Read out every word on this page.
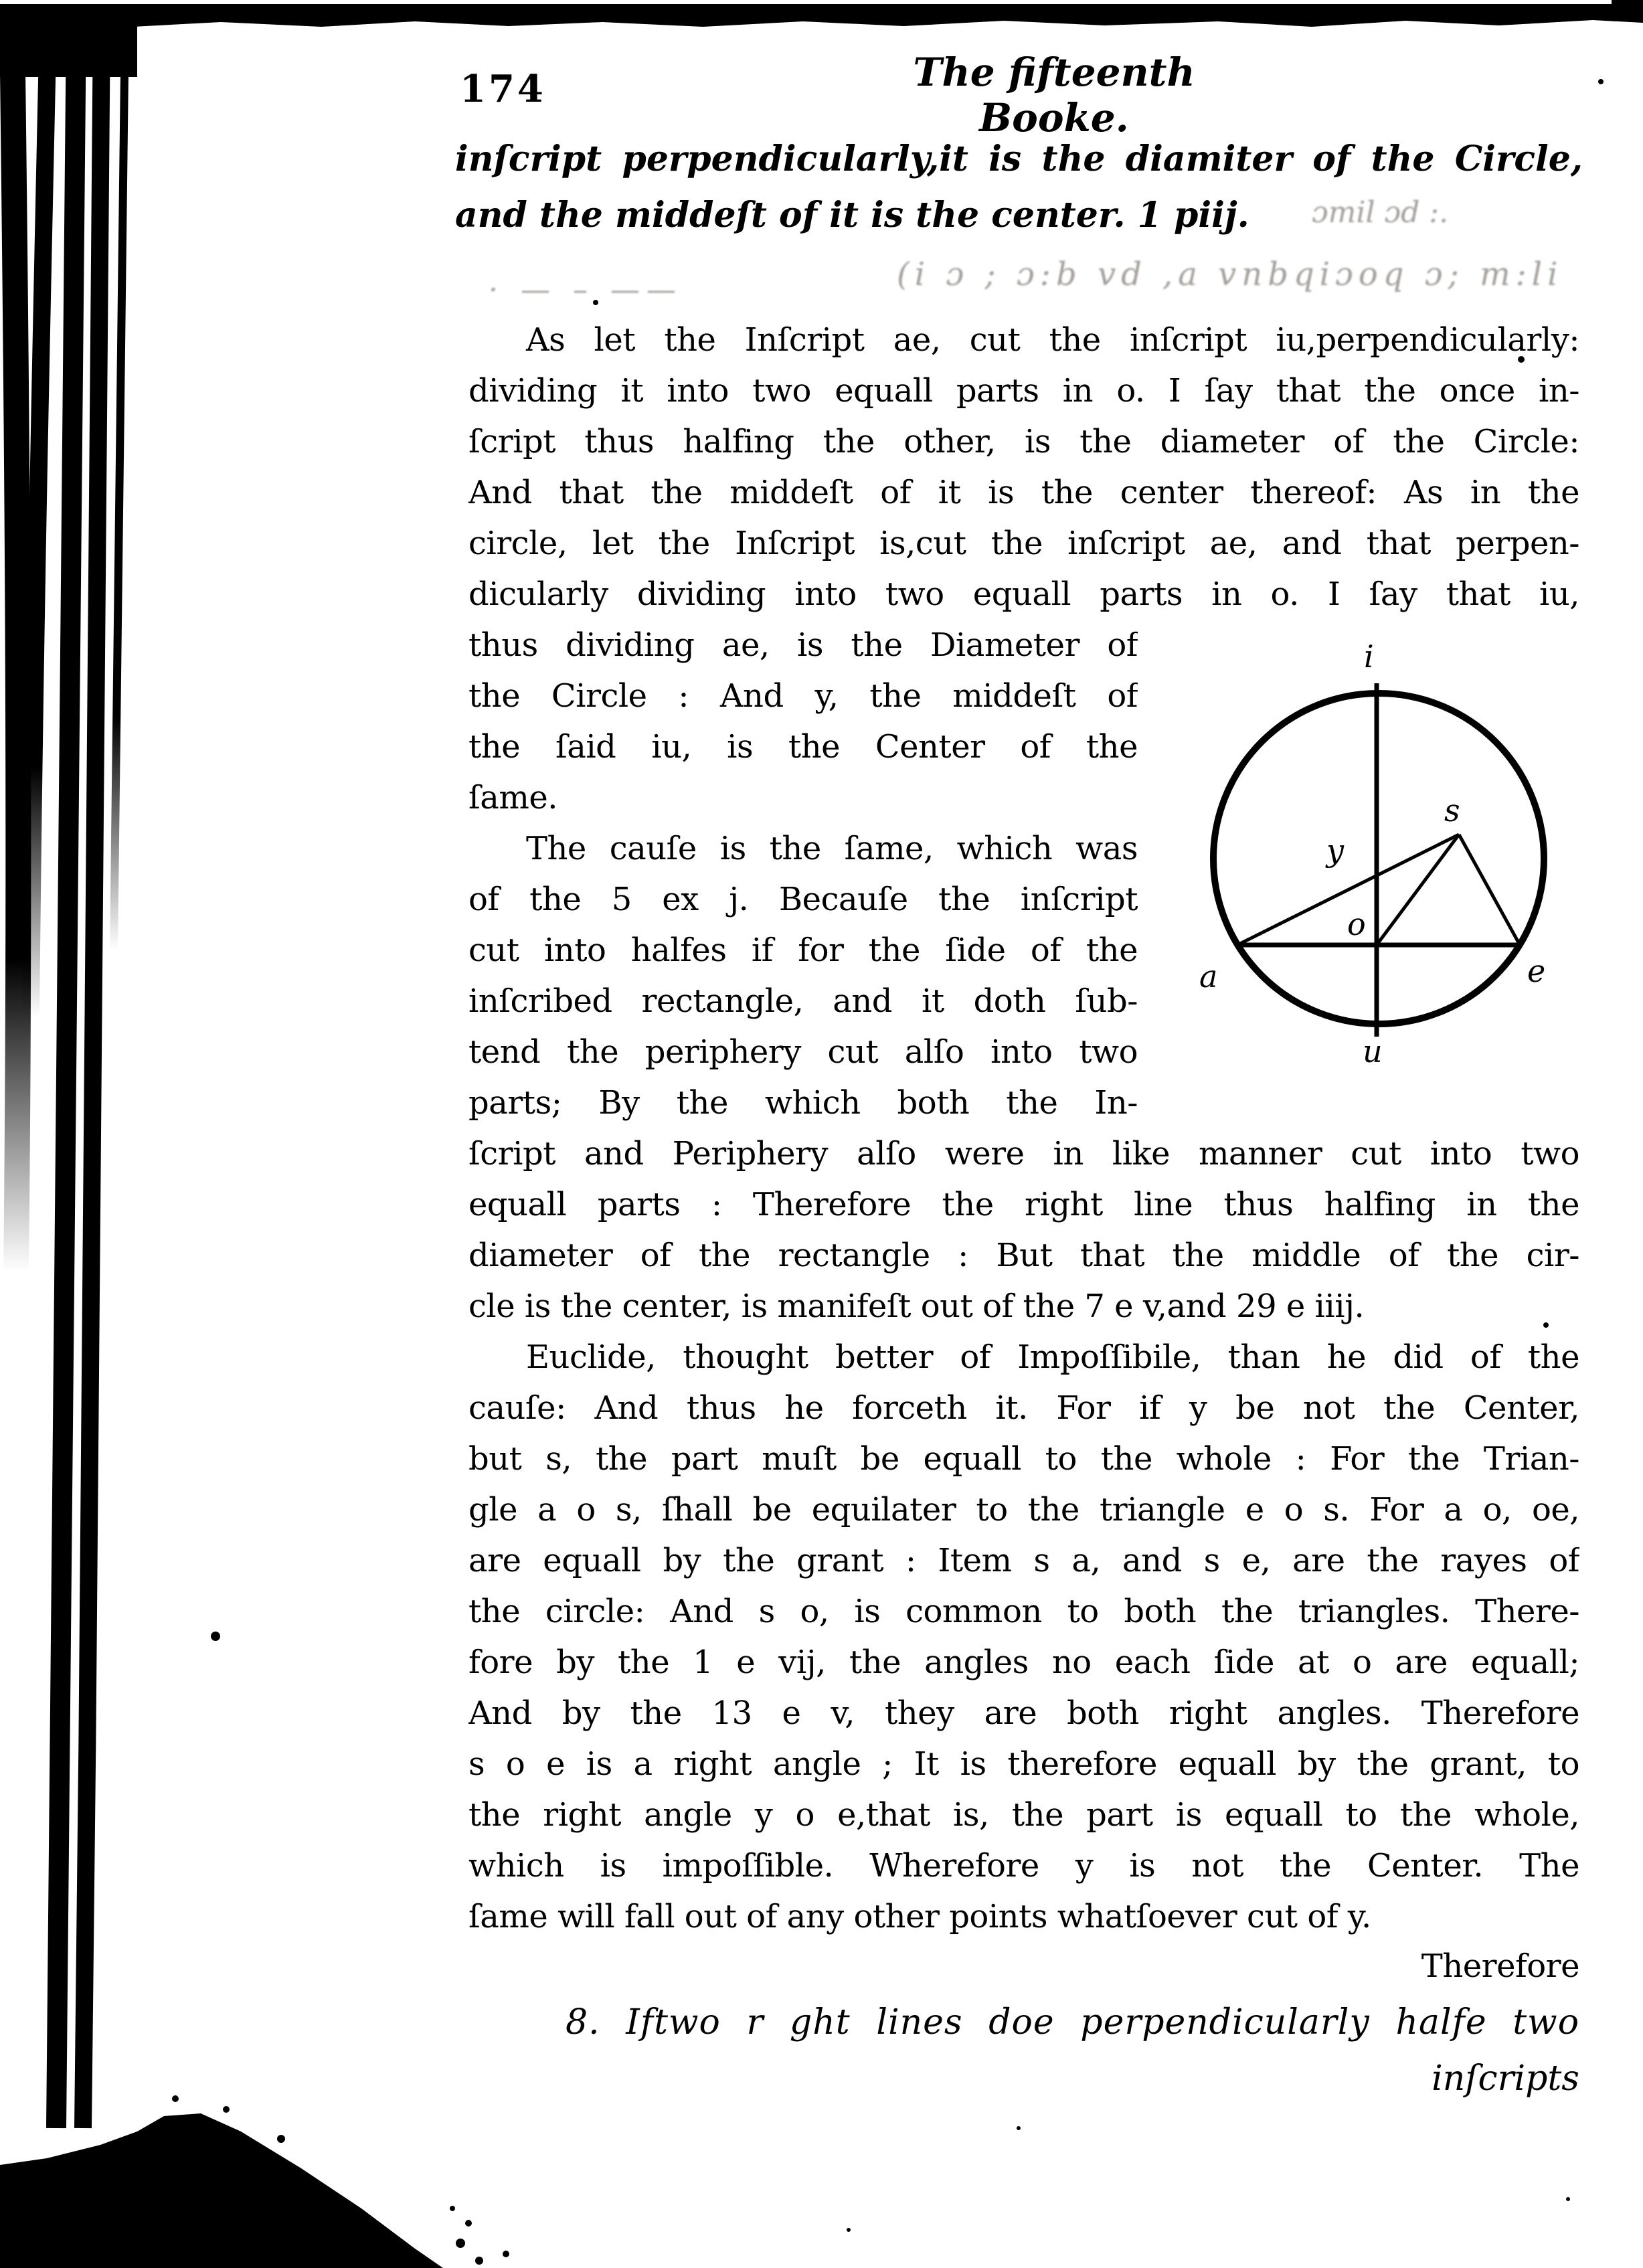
174	The fifteenth Booke.
inſcript perpendicularly,it is the diamiter of the Circle,
and the middeſt of it is the center. 1 piij.	ɔmil ɔd :.
· — – ——	(i ɔ ; ɔ:b vd ,a vnbqiɔoq ɔ; m:li
As let the Inſcript ae, cut the inſcript iu,perpendicularly:
dividing it into two equall parts in o. I ſay that the once in-
ſcript thus halfing the other, is the diameter of the Circle:
And that the middeſt of it is the center thereof: As in the
circle, let the Inſcript is,cut the inſcript ae, and that perpen-
dicularly dividing into two equall parts in o. I ſay that iu,
thus dividing ae, is the Diameter of
the Circle : And y, the middeſt of
the ſaid iu, is the Center of the
ſame.
The cauſe is the ſame, which was
of the 5 ex j. Becauſe the inſcript
cut into halfes if for the ſide of the
inſcribed rectangle, and it doth ſub-
tend the periphery cut alſo into two
parts; By the which both the In-
i
u
a	e
o
y
s
ſcript and Periphery alſo were in like manner cut into two
equall parts : Therefore the right line thus halfing in the
diameter of the rectangle : But that the middle of the cir-
cle is the center, is manifeſt out of the 7 e v,and 29 e iiij.
Euclide, thought better of Impoſſibile, than he did of the
cauſe: And thus he forceth it. For if y be not the Center,
but s, the part muſt be equall to the whole : For the Trian-
gle a o s, ſhall be equilater to the triangle e o s. For a o, oe,
are equall by the grant : Item s a, and s e, are the rayes of
the circle: And s o, is common to both the triangles. There-
fore by the 1 e vij, the angles no each ſide at o are equall;
And by the 13 e v, they are both right angles. Therefore
s o e is a right angle ; It is therefore equall by the grant, to
the right angle y o e,that is, the part is equall to the whole,
which is impoſſible. Wherefore y is not the Center. The
ſame will fall out of any other points whatſoever cut of y.
Therefore
8. Iftwo r ght lines doe perpendicularly halfe two
inſcripts
